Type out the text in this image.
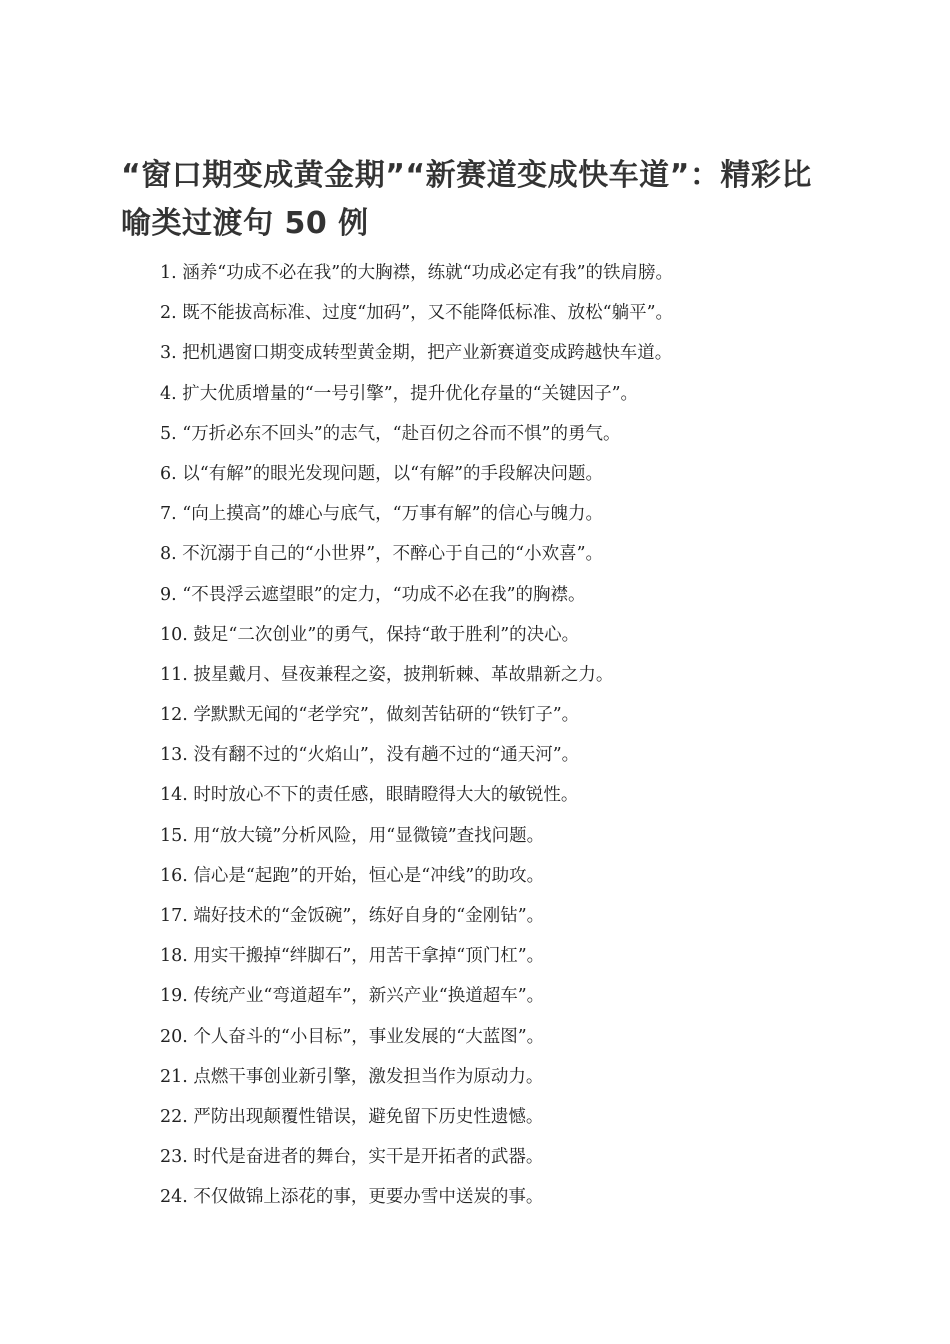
“窗口期变成黄金期”“新赛道变成快车道”：精彩比喻类过渡句 50 例
1. 涵养“功成不必在我”的大胸襟，练就“功成必定有我”的铁肩膀。
2. 既不能拔高标准、过度“加码”，又不能降低标准、放松“躺平”。
3. 把机遇窗口期变成转型黄金期，把产业新赛道变成跨越快车道。
4. 扩大优质增量的“一号引擎”，提升优化存量的“关键因子”。
5. “万折必东不回头”的志气，“赴百仞之谷而不惧”的勇气。
6. 以“有解”的眼光发现问题，以“有解”的手段解决问题。
7. “向上摸高”的雄心与底气，“万事有解”的信心与魄力。
8. 不沉溺于自己的“小世界”，不醉心于自己的“小欢喜”。
9. “不畏浮云遮望眼”的定力，“功成不必在我”的胸襟。
10. 鼓足“二次创业”的勇气，保持“敢于胜利”的决心。
11. 披星戴月、昼夜兼程之姿，披荆斩棘、革故鼎新之力。
12. 学默默无闻的“老学究”，做刻苦钻研的“铁钉子”。
13. 没有翻不过的“火焰山”，没有趟不过的“通天河”。
14. 时时放心不下的责任感，眼睛瞪得大大的敏锐性。
15. 用“放大镜”分析风险，用“显微镜”查找问题。
16. 信心是“起跑”的开始，恒心是“冲线”的助攻。
17. 端好技术的“金饭碗”，练好自身的“金刚钻”。
18. 用实干搬掉“绊脚石”，用苦干拿掉“顶门杠”。
19. 传统产业“弯道超车”，新兴产业“换道超车”。
20. 个人奋斗的“小目标”，事业发展的“大蓝图”。
21. 点燃干事创业新引擎，激发担当作为原动力。
22. 严防出现颠覆性错误，避免留下历史性遗憾。
23. 时代是奋进者的舞台，实干是开拓者的武器。
24. 不仅做锦上添花的事，更要办雪中送炭的事。
